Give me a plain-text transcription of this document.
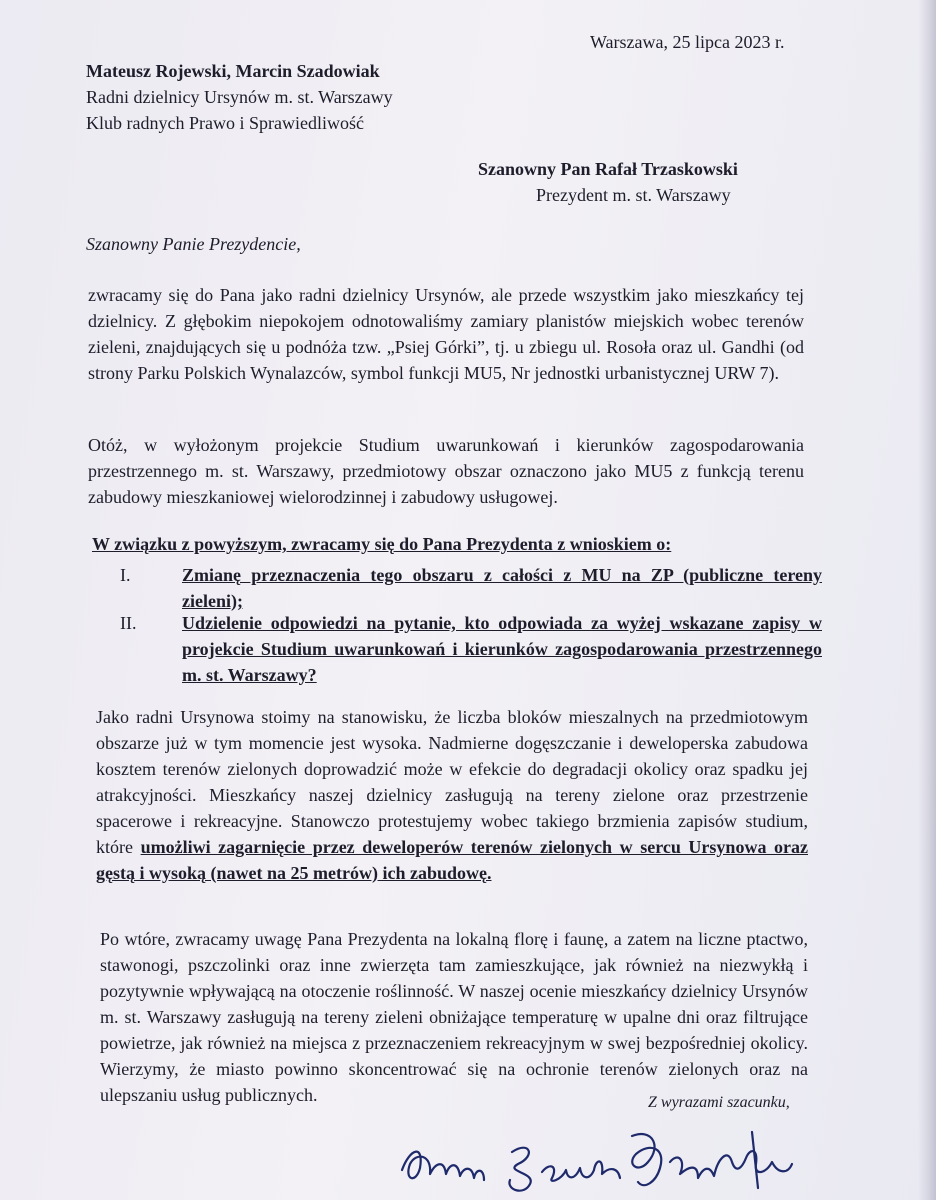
Warszawa, 25 lipca 2023 r.
Mateusz Rojewski, Marcin Szadowiak
Radni dzielnicy Ursynów m. st. Warszawy
Klub radnych Prawo i Sprawiedliwość
Szanowny Pan Rafał Trzaskowski
Prezydent m. st. Warszawy
Szanowny Panie Prezydencie,
zwracamy się do Pana jako radni dzielnicy Ursynów, ale przede wszystkim jako mieszkańcy tej dzielnicy. Z głębokim niepokojem odnotowaliśmy zamiary planistów miejskich wobec terenów zieleni, znajdujących się u podnóża tzw. „Psiej Górki”, tj. u zbiegu ul. Rosoła oraz ul. Gandhi (od strony Parku Polskich Wynalazców, symbol funkcji MU5, Nr jednostki urbanistycznej URW 7).
Otóż, w wyłożonym projekcie Studium uwarunkowań i kierunków zagospodarowania przestrzennego m. st. Warszawy, przedmiotowy obszar oznaczono jako MU5 z funkcją terenu zabudowy mieszkaniowej wielorodzinnej i zabudowy usługowej.
W związku z powyższym, zwracamy się do Pana Prezydenta z wnioskiem o:
I.	Zmianę przeznaczenia tego obszaru z całości z MU na ZP (publiczne tereny zieleni);
II.	Udzielenie odpowiedzi na pytanie, kto odpowiada za wyżej wskazane zapisy w projekcie Studium uwarunkowań i kierunków zagospodarowania przestrzennego m. st. Warszawy?
Jako radni Ursynowa stoimy na stanowisku, że liczba bloków mieszalnych na przedmiotowym obszarze już w tym momencie jest wysoka. Nadmierne dogęszczanie i deweloperska zabudowa kosztem terenów zielonych doprowadzić może w efekcie do degradacji okolicy oraz spadku jej atrakcyjności. Mieszkańcy naszej dzielnicy zasługują na tereny zielone oraz przestrzenie spacerowe i rekreacyjne. Stanowczo protestujemy wobec takiego brzmienia zapisów studium, które umożliwi zagarnięcie przez deweloperów terenów zielonych w sercu Ursynowa oraz gęstą i wysoką (nawet na 25 metrów) ich zabudowę.
Po wtóre, zwracamy uwagę Pana Prezydenta na lokalną florę i faunę, a zatem na liczne ptactwo, stawonogi, pszczolinki oraz inne zwierzęta tam zamieszkujące, jak również na niezwykłą i pozytywnie wpływającą na otoczenie roślinność. W naszej ocenie mieszkańcy dzielnicy Ursynów m. st. Warszawy zasługują na tereny zieleni obniżające temperaturę w upalne dni oraz filtrujące powietrze, jak również na miejsca z przeznaczeniem rekreacyjnym w swej bezpośredniej okolicy. Wierzymy, że miasto powinno skoncentrować się na ochronie terenów zielonych oraz na ulepszaniu usług publicznych.	Z wyrazami szacunku,
